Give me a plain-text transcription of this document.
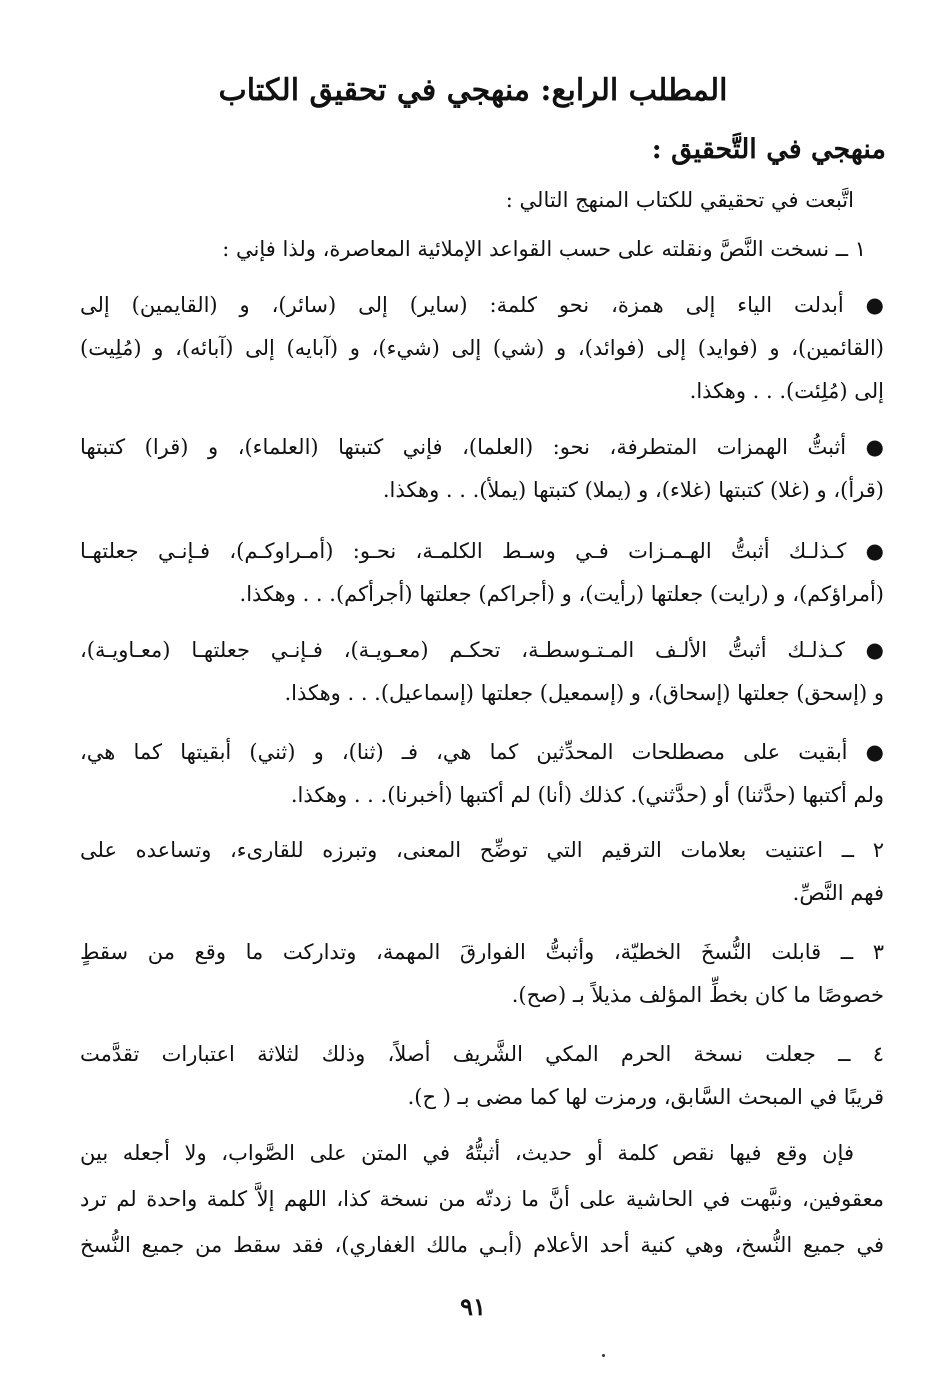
المطلب الرابع: منهجي في تحقيق الكتاب
منهجي في التَّحقيق :
اتَّبعت في تحقيقي للكتاب المنهج التالي :
١ ــ نسخت النَّصَّ ونقلته على حسب القواعد الإملائية المعاصرة، ولذا فإني :
● أبدلت الياء إلى همزة، نحو كلمة: (ساير) إلى (سائر)، و (القايمين) إلى
(القائمين)، و (فوايد) إلى (فوائد)، و (شي) إلى (شيء)، و (آبايه) إلى (آبائه)، و (مُلِيت)
إلى (مُلِئت). . . وهكذا.
● أثبتُّ الهمزات المتطرفة، نحو: (العلما)، فإني كتبتها (العلماء)، و (قرا) كتبتها
(قرأ)، و (غلا) كتبتها (غلاء)، و (يملا) كتبتها (يملأ). . . وهكذا.
● كـذلـك أثبتُّ الهـمـزات فـي وسـط الكلمـة، نحـو: (أمـراوكـم)، فـإنـي جعلتهـا
(أمراؤكم)، و (رايت) جعلتها (رأيت)، و (أجراكم) جعلتها (أجرأكم). . . وهكذا.
● كـذلـك أثبتُّ الألـف المـتـوسطـة، تحكـم (معـويـة)، فـإنـي جعلتهـا (معـاويـة)،
و (إسحق) جعلتها (إسحاق)، و (إسمعيل) جعلتها (إسماعيل). . . وهكذا.
● أبقيت على مصطلحات المحدِّثين كما هي، فـ (ثنا)، و (ثني) أبقيتها كما هي،
ولم أكتبها (حدَّثنا) أو (حدَّثني). كذلك (أنا) لم أكتبها (أخبرنا). . . وهكذا.
٢ ــ اعتنيت بعلامات الترقيم التي توضِّح المعنى، وتبرزه للقارىء، وتساعده على
فهم النَّصِّ.
٣ ــ قابلت النُّسخَ الخطيّة، وأثبتُّ الفوارقَ المهمة، وتداركت ما وقع من سقطٍ
خصوصًا ما كان بخطِّ المؤلف مذيلاً بـ (صح).
٤ ــ جعلت نسخة الحرم المكي الشَّريف أصلاً، وذلك لثلاثة اعتبارات تقدَّمت
قريبًا في المبحث السَّابق، ورمزت لها كما مضى بـ ( ح).
فإن وقع فيها نقص كلمة أو حديث، أثبتُّهُ في المتن على الصَّواب، ولا أجعله بين
معقوفين، ونبَّهت في الحاشية على أنَّ ما زدتّه من نسخة كذا، اللهم إلاَّ كلمة واحدة لم ترد
في جميع النُّسخ، وهي كنية أحد الأعلام (أبـي مالك الغفاري)، فقد سقط من جميع النُّسخ
٩١
